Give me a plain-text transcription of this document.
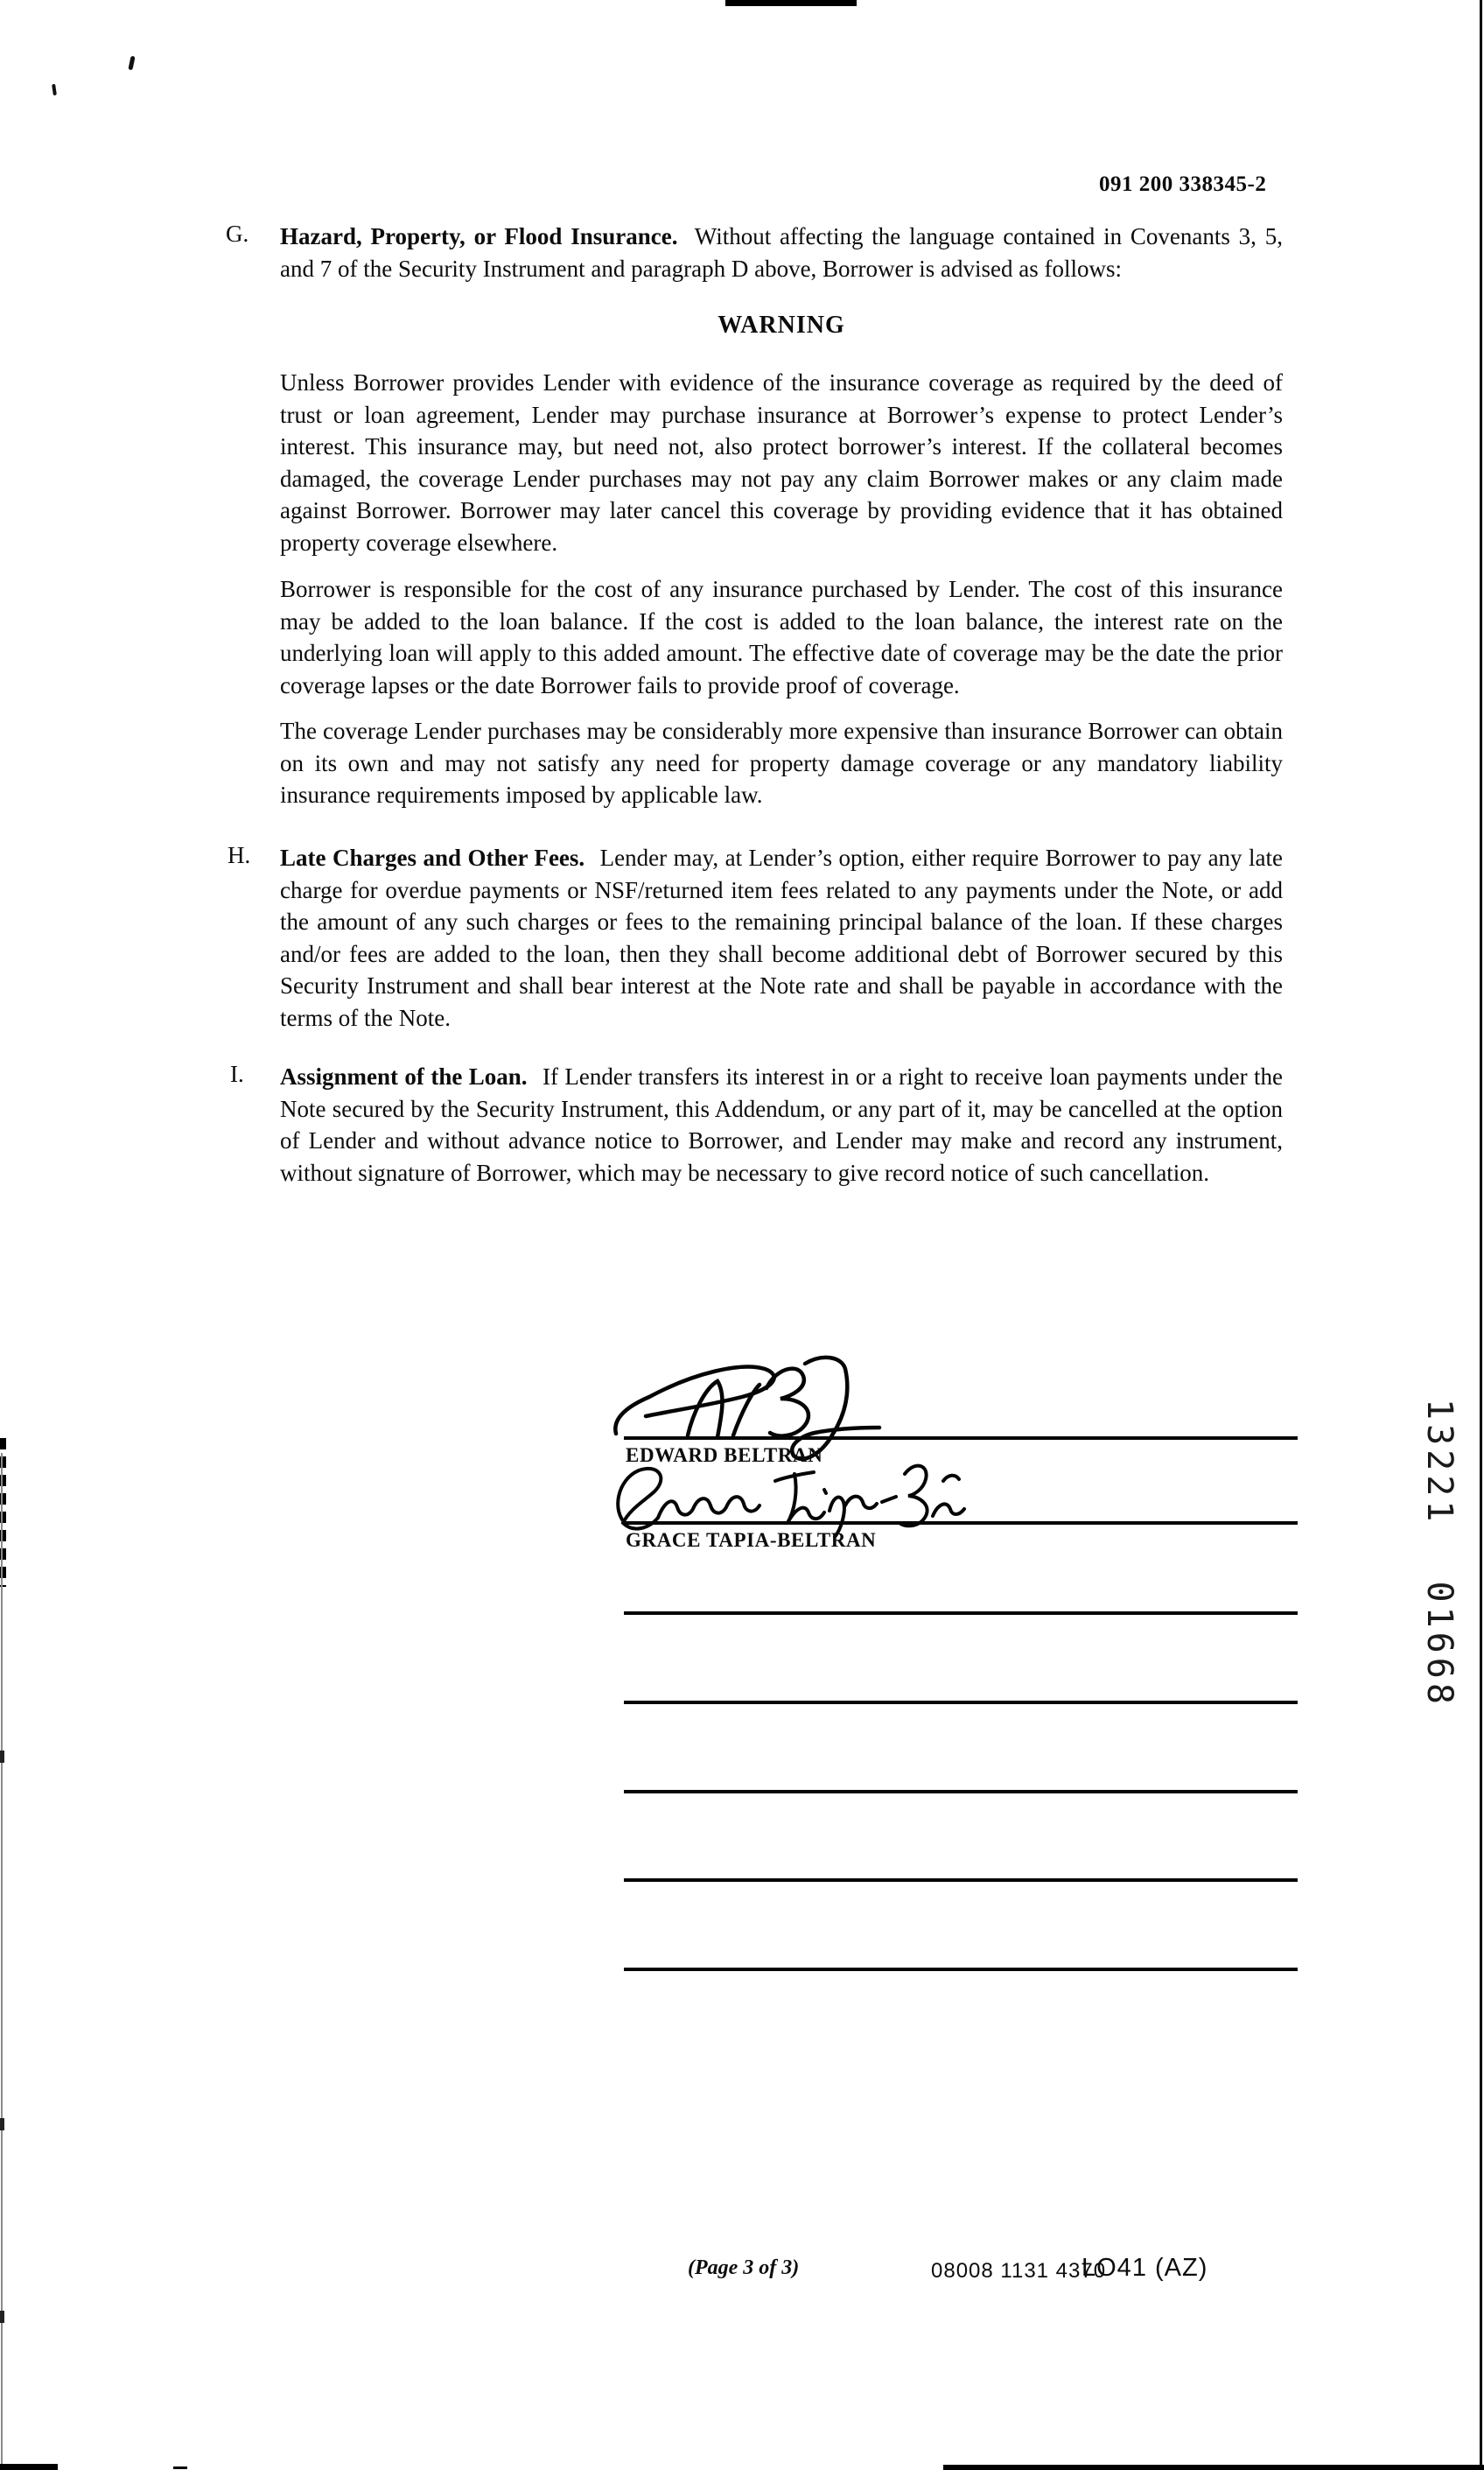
091 200 338345-2
G. Hazard, Property, or Flood Insurance. Without affecting the language contained in Covenants 3, 5, and 7 of the Security Instrument and paragraph D above, Borrower is advised as follows:
WARNING
Unless Borrower provides Lender with evidence of the insurance coverage as required by the deed of trust or loan agreement, Lender may purchase insurance at Borrower’s expense to protect Lender’s interest. This insurance may, but need not, also protect borrower’s interest. If the collateral becomes damaged, the coverage Lender purchases may not pay any claim Borrower makes or any claim made against Borrower. Borrower may later cancel this coverage by providing evidence that it has obtained property coverage elsewhere.
Borrower is responsible for the cost of any insurance purchased by Lender. The cost of this insurance may be added to the loan balance. If the cost is added to the loan balance, the interest rate on the underlying loan will apply to this added amount. The effective date of coverage may be the date the prior coverage lapses or the date Borrower fails to provide proof of coverage.
The coverage Lender purchases may be considerably more expensive than insurance Borrower can obtain on its own and may not satisfy any need for property damage coverage or any mandatory liability insurance requirements imposed by applicable law.
H. Late Charges and Other Fees. Lender may, at Lender’s option, either require Borrower to pay any late charge for overdue payments or NSF/returned item fees related to any payments under the Note, or add the amount of any such charges or fees to the remaining principal balance of the loan. If these charges and/or fees are added to the loan, then they shall become additional debt of Borrower secured by this Security Instrument and shall bear interest at the Note rate and shall be payable in accordance with the terms of the Note.
I. Assignment of the Loan. If Lender transfers its interest in or a right to receive loan payments under the Note secured by the Security Instrument, this Addendum, or any part of it, may be cancelled at the option of Lender and without advance notice to Borrower, and Lender may make and record any instrument, without signature of Borrower, which may be necessary to give record notice of such cancellation.
EDWARD BELTRAN
GRACE TAPIA-BELTRAN	13221 01668
(Page 3 of 3)	08008 1131 4370
LO41 (AZ)
